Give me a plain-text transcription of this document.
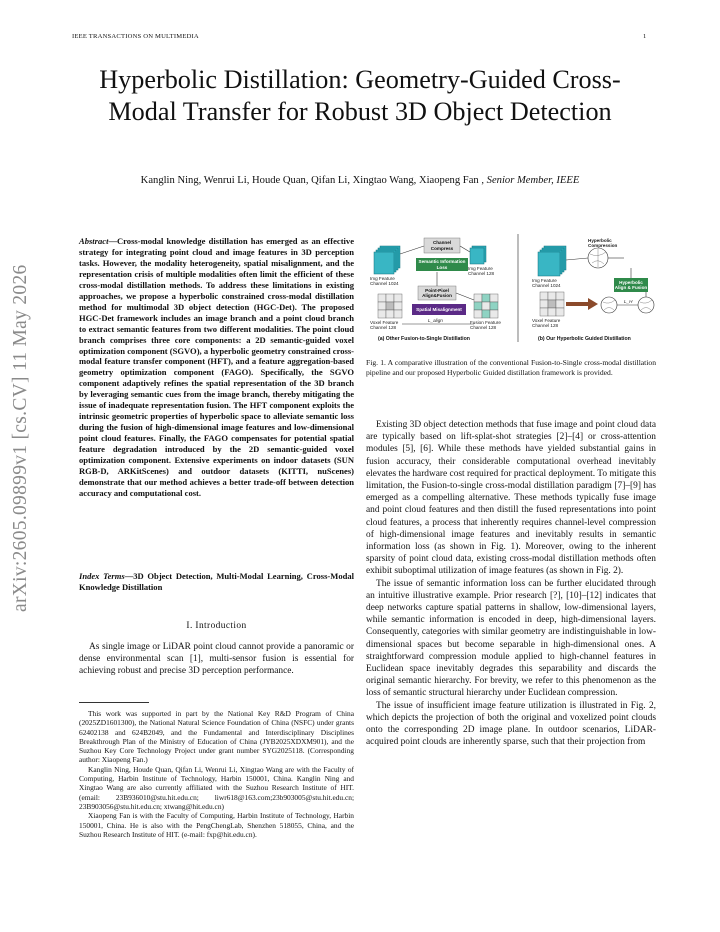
IEEE TRANSACTIONS ON MULTIMEDIA	1
arXiv:2605.09899v1 [cs.CV] 11 May 2026
Hyperbolic Distillation: Geometry-Guided Cross-Modal Transfer for Robust 3D Object Detection
Kanglin Ning, Wenrui Li, Houde Quan, Qifan Li, Xingtao Wang, Xiaopeng Fan , Senior Member, IEEE
Abstract—Cross-modal knowledge distillation has emerged as an effective strategy for integrating point cloud and image features in 3D perception tasks. However, the modality heterogeneity, spatial misalignment, and the representation crisis of multiple modalities often limit the efficient of these cross-modal distillation methods. To address these limitations in existing approaches, we propose a hyperbolic constrained cross-modal distillation method for multimodal 3D object detection (HGC-Det). The proposed HGC-Det framework includes an image branch and a point cloud branch to extract semantic features from two different modalities. The point cloud branch comprises three core components: a 2D semantic-guided voxel optimization component (SGVO), a hyperbolic geometry constrained cross-modal feature transfer component (HFT), and a feature aggregation-based geometry optimization component (FAGO). Specifically, the SGVO component adaptively refines the spatial representation of the 3D branch by leveraging semantic cues from the image branch, thereby mitigating the issue of inadequate representation fusion. The HFT component exploits the intrinsic geometric properties of hyperbolic space to alleviate semantic loss during the fusion of high-dimensional image features and low-dimensional point cloud features. Finally, the FAGO compensates for potential spatial feature degradation introduced by the 2D semantic-guided voxel optimization component. Extensive experiments on indoor datasets (SUN RGB-D, ARKitScenes) and outdoor datasets (KITTI, nuScenes) demonstrate that our method achieves a better trade-off between detection accuracy and computational cost.
Index Terms—3D Object Detection, Multi-Modal Learning, Cross-Modal Knowledge Distillation
I. Introduction
As single image or LiDAR point cloud cannot provide a panoramic or dense environmental scan [1], multi-sensor fusion is essential for achieving robust and precise 3D perception performance.

This work was supported in part by the National Key R&D Program of China (2025ZD1601300), the National Natural Science Foundation of China (NSFC) under grants 62402138 and 624B2049, and the Fundamental and Interdisciplinary Disciplines Breakthrough Plan of the Ministry of Education of China (JYB2025XDXM901), and the Suzhou Key Core Technology Project under grant number SYG2025118. (Corresponding author: Xiaopeng Fan.)

Kanglin Ning, Houde Quan, Qifan Li, Wenrui Li, Xingtao Wang are with the Faculty of Computing, Harbin Institute of Technology, Harbin 150001, China. Kanglin Ning and Xingtao Wang are also currently affiliated with the Suzhou Research Institute of HIT. (email: 23B936010@stu.hit.edu.cn; liwr618@163.com;23b903005@stu.hit.edu.cn; 23B903056@stu.hit.edu.cn; xtwang@hit.edu.cn)

Xiaopeng Fan is with the Faculty of Computing, Harbin Institute of Technology, Harbin 150001, China. He is also with the PengChengLab, Shenzhen 518055, China, and the Suzhou Research Institute of HIT. (e-mail: fxp@hit.edu.cn).

Channel Compress
Semantic Information Loss
Img Feature Channel 1024
Img Feature Channel 128
Point-Pixel Align&Fusion
Spatial Misalignment
L_align
Voxel Feature Channel 128
Fusion Feature Channel 128
(a) Other Fusion-to-Single Distillation
Hyperbolic Compression
Img Feature Channel 1024
Hyperbolic Align & Fusion
Voxel Feature Channel 128
L_H
(b) Our Hyperbolic Guided Distillation
Fig. 1. A comparative illustration of the conventional Fusion-to-Single cross-modal distillation pipeline and our proposed Hyperbolic Guided distillation framework is provided.

Existing 3D object detection methods that fuse image and point cloud data are typically based on lift-splat-shot strategies [2]–[4] or cross-attention modules [5], [6]. While these methods have yielded substantial gains in fusion accuracy, their considerable computational overhead inevitably elevates the hardware cost required for practical deployment. To mitigate this limitation, the Fusion-to-single cross-modal distillation paradigm [7]–[9] has emerged as a compelling alternative. These methods typically fuse image and point cloud features and then distill the fused representations into point cloud features, a process that inherently requires channel-level compression of high-dimensional image features and inevitably results in semantic information loss (as shown in Fig. 1). Moreover, owing to the inherent sparsity of point cloud data, existing cross-modal distillation methods often exhibit suboptimal utilization of image features (as shown in Fig. 2).

The issue of semantic information loss can be further elucidated through an intuitive illustrative example. Prior research [?], [10]–[12] indicates that deep networks capture spatial patterns in shallow, low-dimensional layers, while semantic information is encoded in deep, high-dimensional layers. Consequently, categories with similar geometry are indistinguishable in low-dimensional spaces but become separable in high-dimensional ones. A straightforward compression module applied to high-channel features in Euclidean space inevitably degrades this separability and discards the original semantic hierarchy. For brevity, we refer to this phenomenon as the loss of semantic structural hierarchy under Euclidean compression.

The issue of insufficient image feature utilization is illustrated in Fig. 2, which depicts the projection of both the original and voxelized point clouds onto the corresponding 2D image plane. In outdoor scenarios, LiDAR-acquired point clouds are inherently sparse, such that their projection from
